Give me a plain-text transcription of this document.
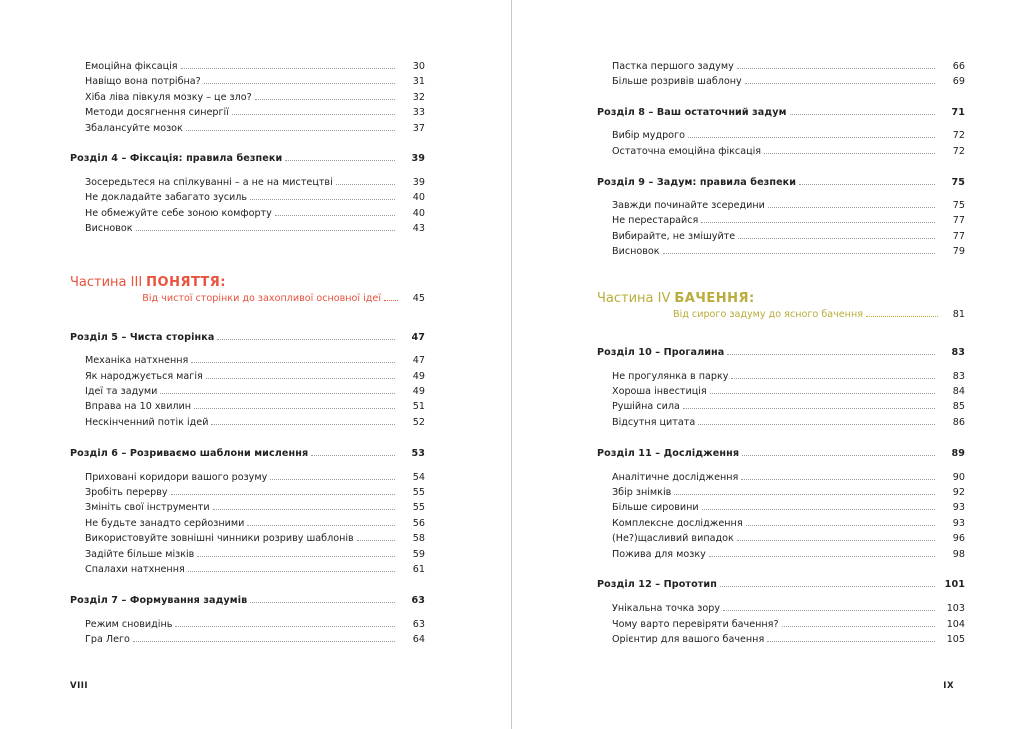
Емоційна фіксація	30
Навіщо вона потрібна?	31
Хіба ліва півкуля мозку – це зло?	32
Методи досягнення синергії	33
Збалансуйте мозок	37
Розділ 4 – Фіксація: правила безпеки	39
Зосередьтеся на спілкуванні – а не на мистецтві	39
Не докладайте забагато зусиль	40
Не обмежуйте себе зоною комфорту	40
Висновок	43
Частина III ПОНЯТТЯ:
Від чистої сторінки до захопливої основної ідеї	45
Розділ 5 – Чиста сторінка	47
Механіка натхнення	47
Як народжується магія	49
Ідеї та задуми	49
Вправа на 10 хвилин	51
Нескінченний потік ідей	52
Розділ 6 – Розриваємо шаблони мислення	53
Приховані коридори вашого розуму	54
Зробіть перерву	55
Змініть свої інструменти	55
Не будьте занадто серйозними	56
Використовуйте зовнішні чинники розриву шаблонів	58
Задійте більше мізків	59
Спалахи натхнення	61
Розділ 7 – Формування задумів	63
Режим сновидінь	63
Гра Лего	64
VIII
Пастка першого задуму	66
Більше розривів шаблону	69
Розділ 8 – Ваш остаточний задум	71
Вибір мудрого	72
Остаточна емоційна фіксація	72
Розділ 9 – Задум: правила безпеки	75
Завжди починайте зсередини	75
Не перестарайся	77
Вибирайте, не змішуйте	77
Висновок	79
Частина IV БАЧЕННЯ:
Від сирого задуму до ясного бачення	81
Розділ 10 – Прогалина	83
Не прогулянка в парку	83
Хороша інвестиція	84
Рушійна сила	85
Відсутня цитата	86
Розділ 11 – Дослідження	89
Аналітичне дослідження	90
Збір знімків	92
Більше сировини	93
Комплексне дослідження	93
(Не?)щасливий випадок	96
Пожива для мозку	98
Розділ 12 – Прототип	101
Унікальна точка зору	103
Чому варто перевіряти бачення?	104
Орієнтир для вашого бачення	105
IX
